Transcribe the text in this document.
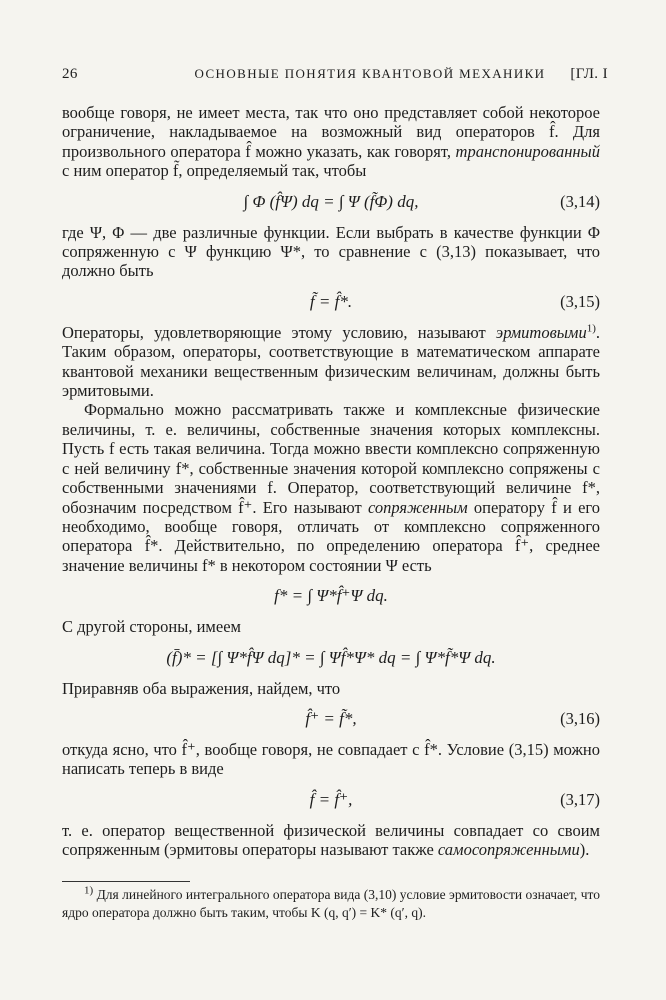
26	ОСНОВНЫЕ ПОНЯТИЯ КВАНТОВОЙ МЕХАНИКИ	[ГЛ. I

вообще говоря, не имеет места, так что оно представляет собой некоторое ограничение, накладываемое на возможный вид операторов f̂. Для произвольного оператора f̂ можно указать, как говорят, транспонированный с ним оператор f̃, определяемый так, чтобы

∫ Φ (f̂Ψ) dq = ∫ Ψ (f̃Φ) dq,	(3,14)

где Ψ, Φ — две различные функции. Если выбрать в качестве функции Φ сопряженную с Ψ функцию Ψ*, то сравнение с (3,13) показывает, что должно быть

f̃ = f̂*.	(3,15)

Операторы, удовлетворяющие этому условию, называют эрмитовыми$^{1)}$. Таким образом, операторы, соответствующие в математическом аппарате квантовой механики вещественным физическим величинам, должны быть эрмитовыми.

Формально можно рассматривать также и комплексные физические величины, т. е. величины, собственные значения которых комплексны. Пусть f есть такая величина. Тогда можно ввести комплексно сопряженную с ней величину f*, собственные значения которой комплексно сопряжены с собственными значениями f. Оператор, соответствующий величине f*, обозначим посредством f̂⁺. Его называют сопряженным оператору f̂ и его необходимо, вообще говоря, отличать от комплексно сопряженного оператора f̂*. Действительно, по определению оператора f̂⁺, среднее значение величины f* в некотором состоянии Ψ есть

f* = ∫ Ψ*f̂⁺Ψ dq.

С другой стороны, имеем

(f̄)* = [∫ Ψ*f̂Ψ dq]* = ∫ Ψf̂*Ψ* dq = ∫ Ψ*f̃*Ψ dq.

Приравняв оба выражения, найдем, что

f̂⁺ = f̃*,	(3,16)

откуда ясно, что f̂⁺, вообще говоря, не совпадает с f̂*. Условие (3,15) можно написать теперь в виде

f̂ = f̂⁺,	(3,17)

т. е. оператор вещественной физической величины совпадает со своим сопряженным (эрмитовы операторы называют также самосопряженными).

$^{1)}$ Для линейного интегрального оператора вида (3,10) условие эрмитовости означает, что ядро оператора должно быть таким, чтобы K (q, q′) = K* (q′, q).
